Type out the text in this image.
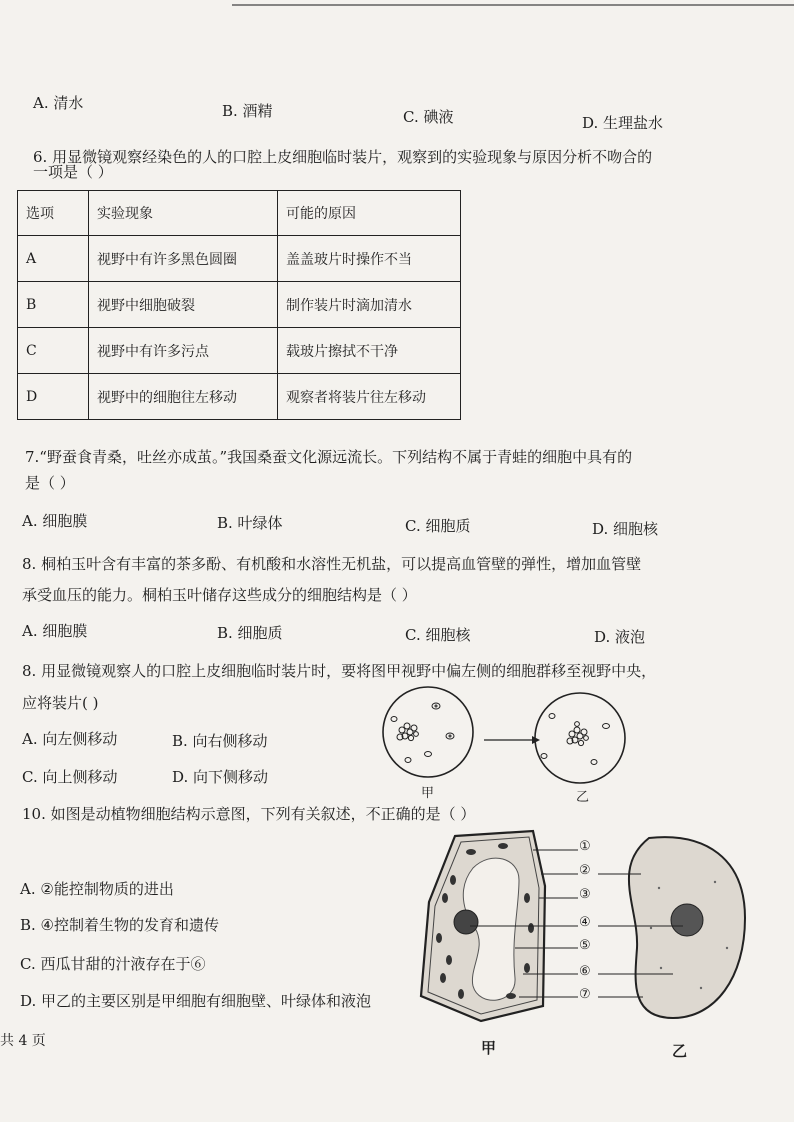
A. 清水	B. 酒精	C. 碘液	D. 生理盐水
6. 用显微镜观察经染色的人的口腔上皮细胞临时装片，观察到的实验现象与原因分析不吻合的
一项是（ ）
选项	实验现象	可能的原因
A	视野中有许多黑色圆圈	盖盖玻片时操作不当
B	视野中细胞破裂	制作装片时滴加清水
C	视野中有许多污点	载玻片擦拭不干净
D	视野中的细胞往左移动	观察者将装片往左移动
7.“野蚕食青桑，吐丝亦成茧。”我国桑蚕文化源远流长。下列结构不属于青蛙的细胞中具有的
是（ ）
A. 细胞膜	B. 叶绿体	C. 细胞质	D. 细胞核
8. 桐柏玉叶含有丰富的茶多酚、有机酸和水溶性无机盐，可以提高血管壁的弹性，增加血管壁
承受血压的能力。桐柏玉叶储存这些成分的细胞结构是（ ）
A. 细胞膜	B. 细胞质	C. 细胞核	D. 液泡
8. 用显微镜观察人的口腔上皮细胞临时装片时，要将图甲视野中偏左侧的细胞群移至视野中央，
应将装片( )
A. 向左侧移动	B. 向右侧移动
C. 向上侧移动	D. 向下侧移动
甲	乙
10. 如图是动植物细胞结构示意图，下列有关叙述，不正确的是（ ）
A. ②能控制物质的进出
B. ④控制着生物的发育和遗传
C. 西瓜甘甜的汁液存在于⑥
D. 甲乙的主要区别是甲细胞有细胞壁、叶绿体和液泡
①
②
③
④
⑤
⑥
⑦
甲	乙
共 4 页
